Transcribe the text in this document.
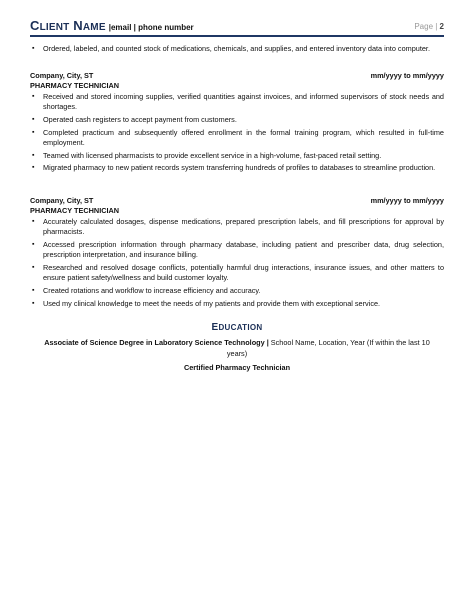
CLIENT NAME |email | phone number	Page | 2
▪ Ordered, labeled, and counted stock of medications, chemicals, and supplies, and entered inventory data into computer.
Company, City, ST	mm/yyyy to mm/yyyy
PHARMACY TECHNICIAN
▪ Received and stored incoming supplies, verified quantities against invoices, and informed supervisors of stock needs and shortages.
▪ Operated cash registers to accept payment from customers.
▪ Completed practicum and subsequently offered enrollment in the formal training program, which resulted in full-time employment.
▪ Teamed with licensed pharmacists to provide excellent service in a high-volume, fast-paced retail setting.
▪ Migrated pharmacy to new patient records system transferring hundreds of profiles to databases to streamline production.
Company, City, ST	mm/yyyy to mm/yyyy
PHARMACY TECHNICIAN
▪ Accurately calculated dosages, dispense medications, prepared prescription labels, and fill prescriptions for approval by pharmacists.
▪ Accessed prescription information through pharmacy database, including patient and prescriber data, drug selection, prescription interpretation, and insurance billing.
▪ Researched and resolved dosage conflicts, potentially harmful drug interactions, insurance issues, and other matters to ensure patient safety/wellness and build customer loyalty.
▪ Created rotations and workflow to increase efficiency and accuracy.
▪ Used my clinical knowledge to meet the needs of my patients and provide them with exceptional service.
EDUCATION
Associate of Science Degree in Laboratory Science Technology | School Name, Location, Year (If within the last 10 years)
Certified Pharmacy Technician
